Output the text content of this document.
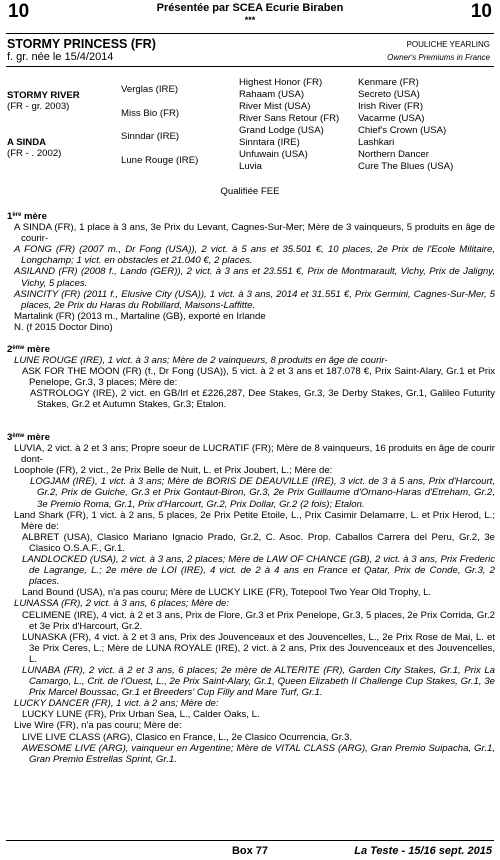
10	10
Présentée par SCEA Ecurie Biraben
***
STORMY PRINCESS (FR)
f. gr. née le 15/4/2014
POULICHE YEARLING
Owner's Premiums in France
STORMY RIVER
(FR - gr. 2003)
A SINDA
(FR - . 2002)
Verglas (IRE)
Miss Bio (FR)
Sinndar (IRE)
Lune Rouge (IRE)
Highest Honor (FR)
Rahaam (USA)
River Mist (USA)
River Sans Retour (FR)
Grand Lodge (USA)
Sinntara (IRE)
Unfuwain (USA)
Luvia
Kenmare (FR)
Secreto (USA)
Irish River (FR)
Vacarme (USA)
Chief's Crown (USA)
Lashkari
Northern Dancer
Cure The Blues (USA)
Qualifiée FEE

1ère mère

A SINDA (FR), 1 place à 3 ans, 3e Prix du Levant, Cagnes-Sur-Mer; Mère de 3 vainqueurs, 5 produits en âge de courir-

A FONG (FR) (2007 m., Dr Fong (USA)), 2 vict. à 5 ans et 35.501 €, 10 places, 2e Prix de l'Ecole Militaire, Longchamp; 1 vict. en obstacles et 21.040 €, 2 places.

ASILAND (FR) (2008 f., Lando (GER)), 2 vict. à 3 ans et 23.551 €, Prix de Montmarault, Vichy, Prix de Jaligny, Vichy, 5 places.

ASINCITY (FR) (2011 f., Elusive City (USA)), 1 vict. à 3 ans, 2014 et 31.551 €, Prix Germini, Cagnes-Sur-Mer, 5 places, 2e Prix du Haras du Robillard, Maisons-Laffitte.

Martalink (FR) (2013 m., Martaline (GB), exporté en Irlande

N. (f 2015 Doctor Dino)

2ème mère

LUNE ROUGE (IRE), 1 vict. à 3 ans; Mère de 2 vainqueurs, 8 produits en âge de courir-

ASK FOR THE MOON (FR) (f., Dr Fong (USA)), 5 vict. à 2 et 3 ans et 187.078 €, Prix Saint-Alary, Gr.1 et Prix Penelope, Gr.3, 3 places; Mère de:

ASTROLOGY (IRE), 2 vict. en GB/Irl et £226,287, Dee Stakes, Gr.3, 3e Derby Stakes, Gr.1, Galileo Futurity Stakes, Gr.2 et Autumn Stakes, Gr.3; Etalon.

3ème mère

LUVIA, 2 vict. à 2 et 3 ans; Propre soeur de LUCRATIF (FR); Mère de 8 vainqueurs, 16 produits en âge de courir dont-

Loophole (FR), 2 vict., 2e Prix Belle de Nuit, L. et Prix Joubert, L.; Mère de:

LOGJAM (IRE), 1 vict. à 3 ans; Mère de BORIS DE DEAUVILLE (IRE), 3 vict. de 3 à 5 ans, Prix d'Harcourt, Gr.2, Prix de Guiche, Gr.3 et Prix Gontaut-Biron, Gr.3, 2e Prix Guillaume d'Ornano-Haras d'Etreham, Gr.2, 3e Premio Roma, Gr.1, Prix d'Harcourt, Gr.2, Prix Dollar, Gr.2 (2 fois); Etalon.

Land Shark (FR), 1 vict. à 2 ans, 5 places, 2e Prix Petite Etoile, L., Prix Casimir Delamarre, L. et Prix Herod, L.; Mère de:

ALBRET (USA), Clasico Mariano Ignacio Prado, Gr.2, C. Asoc. Prop. Caballos Carrera del Peru, Gr.2, 3e Clasico O.S.A.F., Gr.1.

LANDLOCKED (USA), 2 vict. à 3 ans, 2 places; Mère de LAW OF CHANCE (GB), 2 vict. à 3 ans, Prix Frederic de Lagrange, L.; 2e mère de LOI (IRE), 4 vict. de 2 à 4 ans en France et Qatar, Prix de Conde, Gr.3, 2 places.

Land Bound (USA), n'a pas couru; Mère de LUCKY LIKE (FR), Totepool Two Year Old Trophy, L.

LUNASSA (FR), 2 vict. à 3 ans, 6 places; Mère de:

CELIMENE (IRE), 4 vict. à 2 et 3 ans, Prix de Flore, Gr.3 et Prix Penelope, Gr.3, 5 places, 2e Prix Corrida, Gr.2 et 3e Prix d'Harcourt, Gr.2.

LUNASKA (FR), 4 vict. à 2 et 3 ans, Prix des Jouvenceaux et des Jouvencelles, L., 2e Prix Rose de Mai, L. et 3e Prix Ceres, L.; Mère de LUNA ROYALE (IRE), 2 vict. à 2 ans, Prix des Jouvenceaux et des Jouvencelles, L.

LUNABA (FR), 2 vict. à 2 et 3 ans, 6 places; 2e mère de ALTERITE (FR), Garden City Stakes, Gr.1, Prix La Camargo, L., Crit. de l'Ouest, L., 2e Prix Saint-Alary, Gr.1, Queen Elizabeth II Challenge Cup Stakes, Gr.1, 3e Prix Marcel Boussac, Gr.1 et Breeders' Cup Filly and Mare Turf, Gr.1.

LUCKY DANCER (FR), 1 vict. à 2 ans; Mère de:

LUCKY LUNE (FR), Prix Urban Sea, L., Calder Oaks, L.

Live Wire (FR), n'a pas couru; Mère de:

LIVE LIVE CLASS (ARG), Clasico en France, L., 2e Clasico Ocurrencia, Gr.3.

AWESOME LIVE (ARG), vainqueur en Argentine; Mère de VITAL CLASS (ARG), Gran Premio Suipacha, Gr.1, Gran Premio Estrellas Sprint, Gr.1.

Box 77	La Teste - 15/16 sept. 2015
